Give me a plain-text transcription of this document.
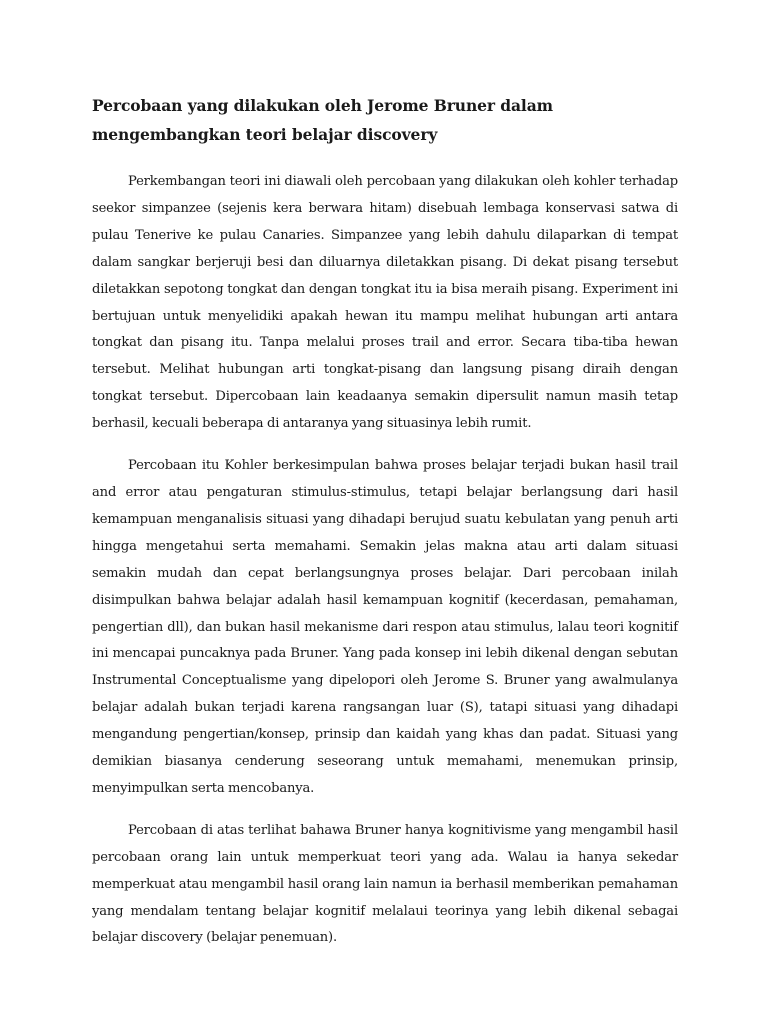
Percobaan yang dilakukan oleh Jerome Bruner dalam mengembangkan teori belajar discovery

Perkembangan teori ini diawali oleh percobaan yang dilakukan oleh kohler terhadap seekor simpanzee (sejenis kera berwara hitam) disebuah lembaga konservasi satwa di pulau Tenerive ke pulau Canaries. Simpanzee yang lebih dahulu dilaparkan di tempat dalam sangkar berjeruji besi dan diluarnya diletakkan pisang. Di dekat pisang tersebut diletakkan sepotong tongkat dan dengan tongkat itu ia bisa meraih pisang. Experiment ini bertujuan untuk menyelidiki apakah hewan itu mampu melihat hubungan arti antara tongkat dan pisang itu. Tanpa melalui proses trail and error. Secara tiba-tiba hewan tersebut. Melihat hubungan arti tongkat-pisang dan langsung pisang diraih dengan tongkat tersebut. Dipercobaan lain keadaanya semakin dipersulit namun masih tetap berhasil, kecuali beberapa di antaranya yang situasinya lebih rumit.

Percobaan itu Kohler berkesimpulan bahwa proses belajar terjadi bukan hasil trail and error atau pengaturan stimulus-stimulus, tetapi belajar berlangsung dari hasil kemampuan menganalisis situasi yang dihadapi berujud suatu kebulatan yang penuh arti hingga mengetahui serta memahami. Semakin jelas makna atau arti dalam situasi semakin mudah dan cepat berlangsungnya proses belajar. Dari percobaan inilah disimpulkan bahwa belajar adalah hasil kemampuan kognitif (kecerdasan, pemahaman, pengertian dll), dan bukan hasil mekanisme dari respon atau stimulus, lalau teori kognitif ini mencapai puncaknya pada Bruner. Yang pada konsep ini lebih dikenal dengan sebutan Instrumental Conceptualisme yang dipelopori oleh Jerome S. Bruner yang awalmulanya belajar adalah bukan terjadi karena rangsangan luar (S), tatapi situasi yang dihadapi mengandung pengertian/konsep, prinsip dan kaidah yang khas dan padat. Situasi yang demikian biasanya cenderung seseorang untuk memahami, menemukan prinsip, menyimpulkan serta mencobanya.

Percobaan di atas terlihat bahawa Bruner hanya kognitivisme yang mengambil hasil percobaan orang lain untuk memperkuat teori yang ada. Walau ia hanya sekedar memperkuat atau mengambil hasil orang lain namun ia berhasil memberikan pemahaman yang mendalam tentang belajar kognitif melalaui teorinya yang lebih dikenal sebagai belajar discovery (belajar penemuan).
